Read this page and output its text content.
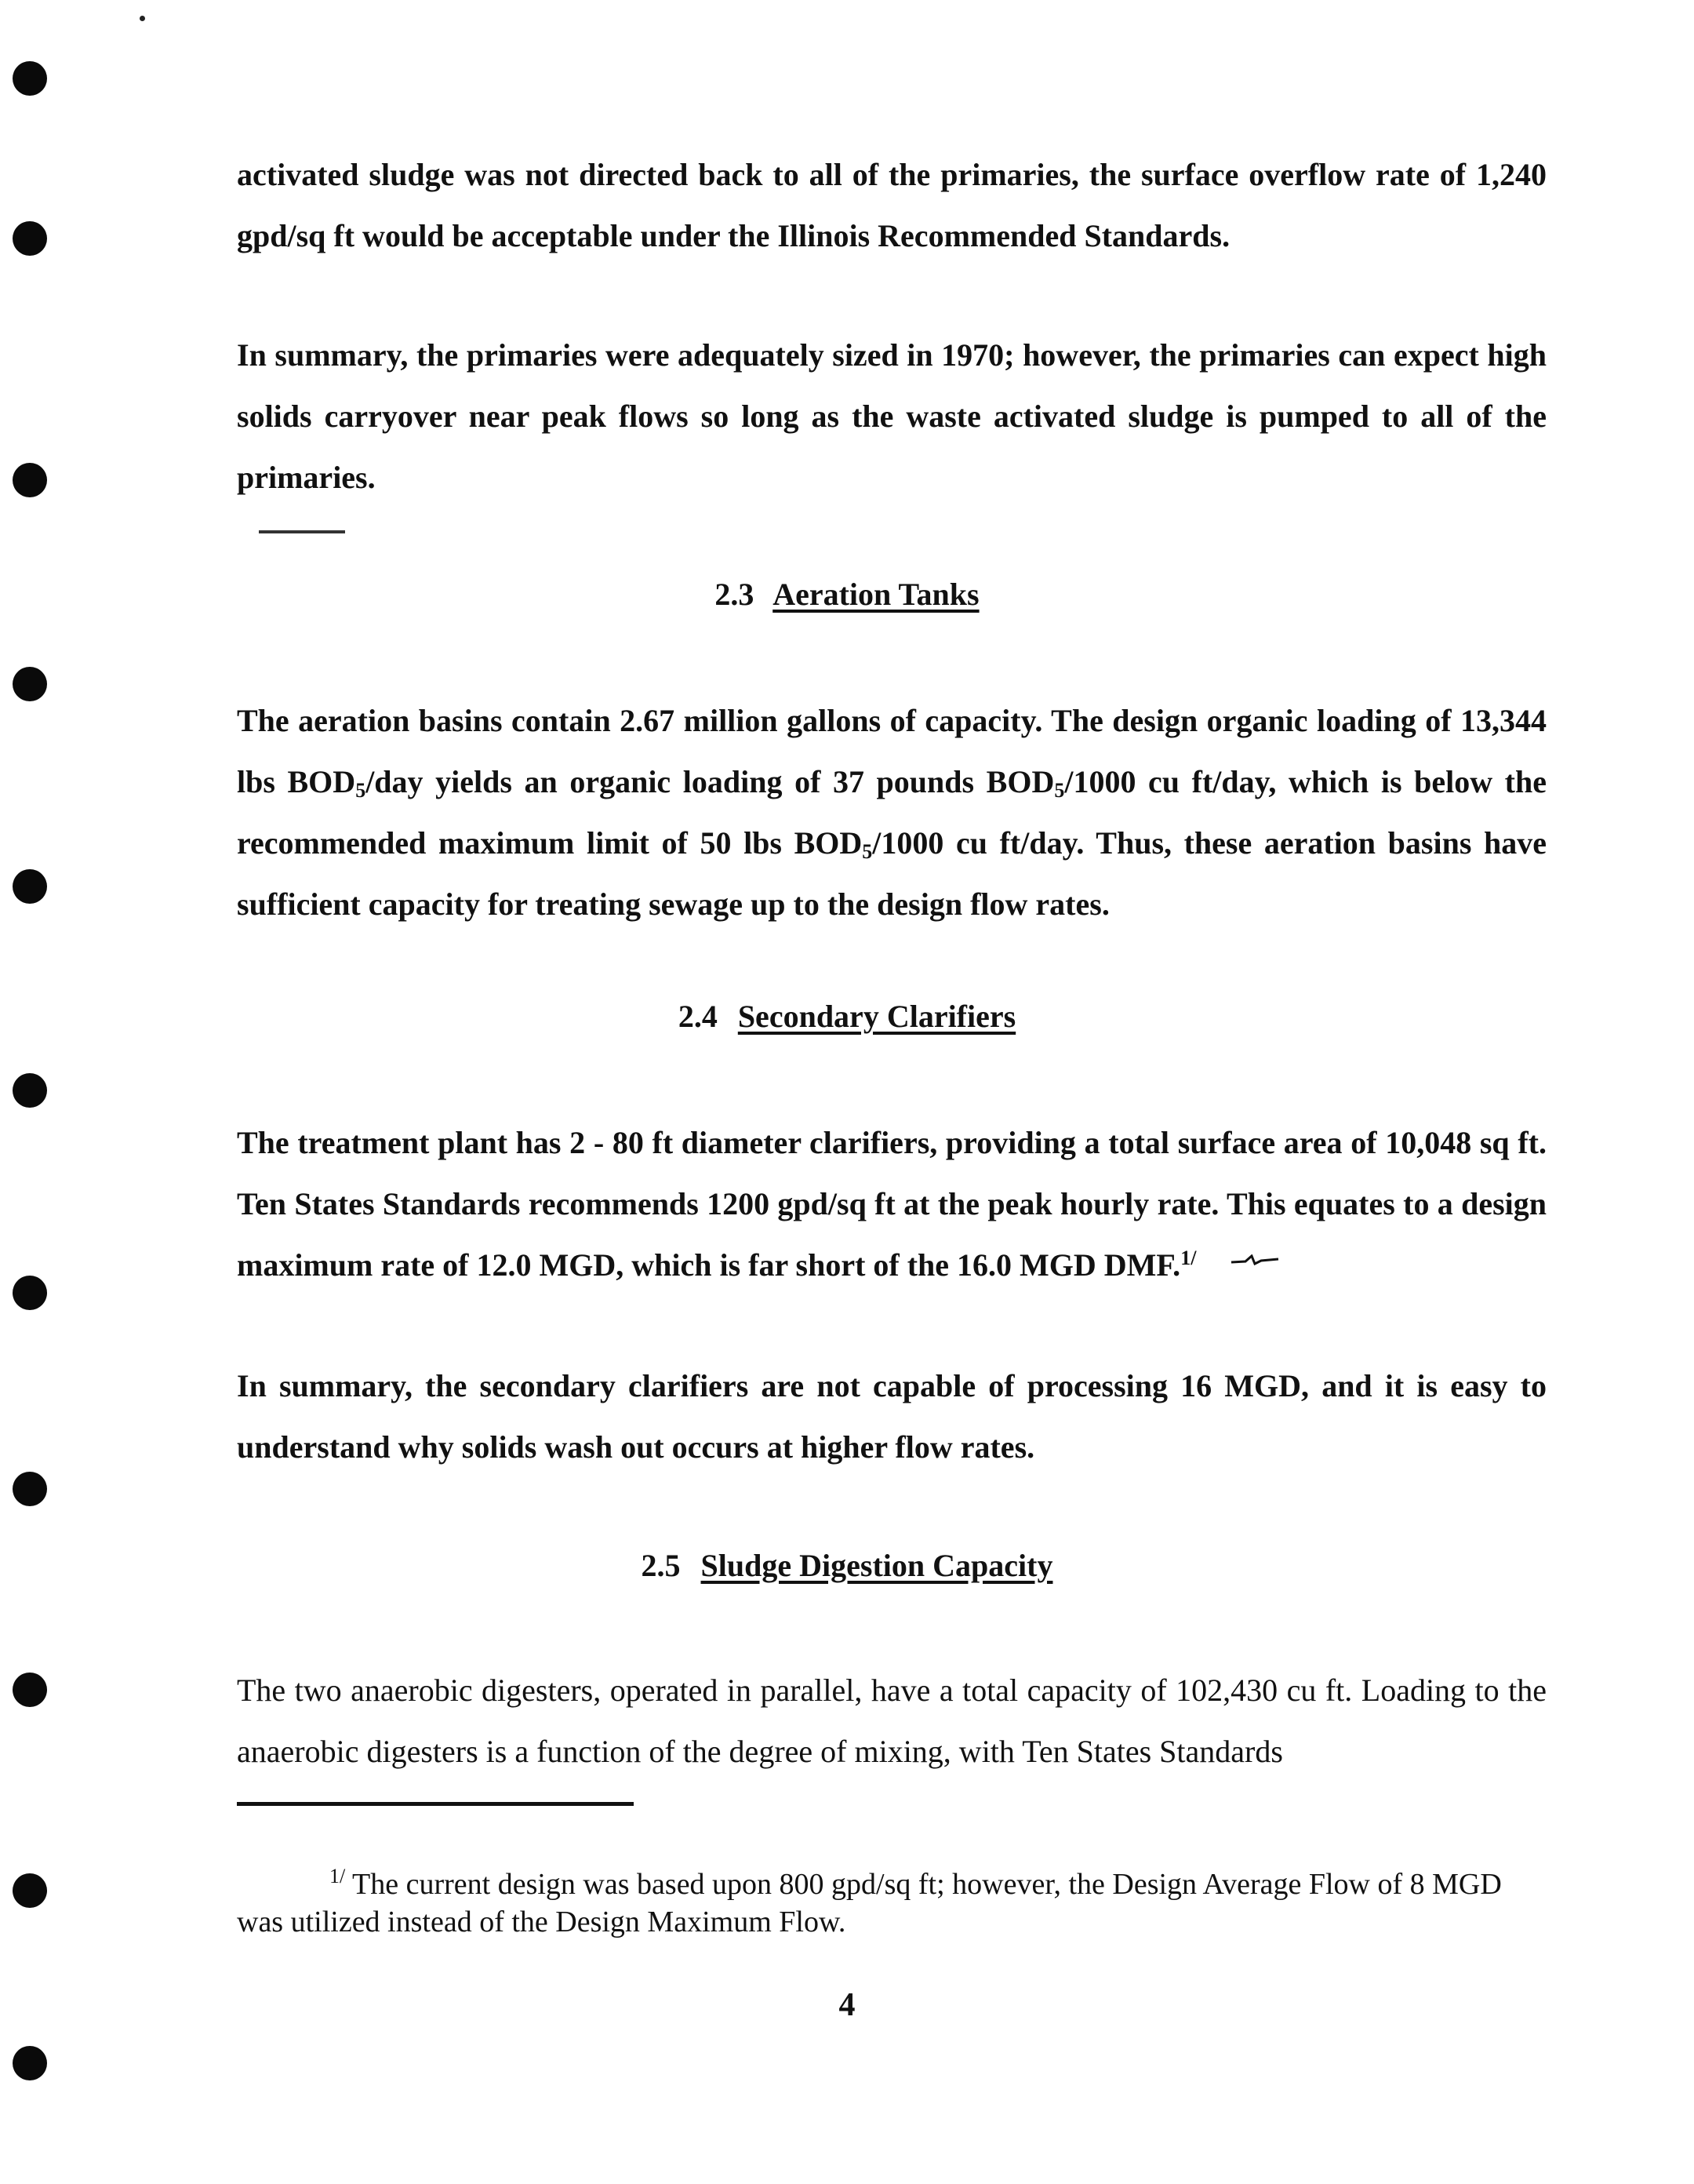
activated sludge was not directed back to all of the primaries, the surface overflow rate of 1,240 gpd/sq ft would be acceptable under the Illinois Recommended Standards.

In summary, the primaries were adequately sized in 1970; however, the primaries can expect high solids carryover near peak flows so long as the waste activated sludge is pumped to all of the primaries.

2.3 Aeration Tanks

The aeration basins contain 2.67 million gallons of capacity. The design organic loading of 13,344 lbs $BOD_5$/day yields an organic loading of 37 pounds $BOD_5/1000$ cu ft/day, which is below the recommended maximum limit of 50 lbs $BOD_5/1000$ cu ft/day. Thus, these aeration basins have sufficient capacity for treating sewage up to the design flow rates.

2.4 Secondary Clarifiers

The treatment plant has 2 - 80 ft diameter clarifiers, providing a total surface area of 10,048 sq ft. Ten States Standards recommends 1200 gpd/sq ft at the peak hourly rate. This equates to a design maximum rate of 12.0 MGD, which is far short of the 16.0 MGD DMF.$^{1/}$

In summary, the secondary clarifiers are not capable of processing 16 MGD, and it is easy to understand why solids wash out occurs at higher flow rates.

2.5 Sludge Digestion Capacity

The two anaerobic digesters, operated in parallel, have a total capacity of 102,430 cu ft. Loading to the anaerobic digesters is a function of the degree of mixing, with Ten States Standards

$^{1/}$ The current design was based upon 800 gpd/sq ft; however, the Design Average Flow of 8 MGD was utilized instead of the Design Maximum Flow.

4
